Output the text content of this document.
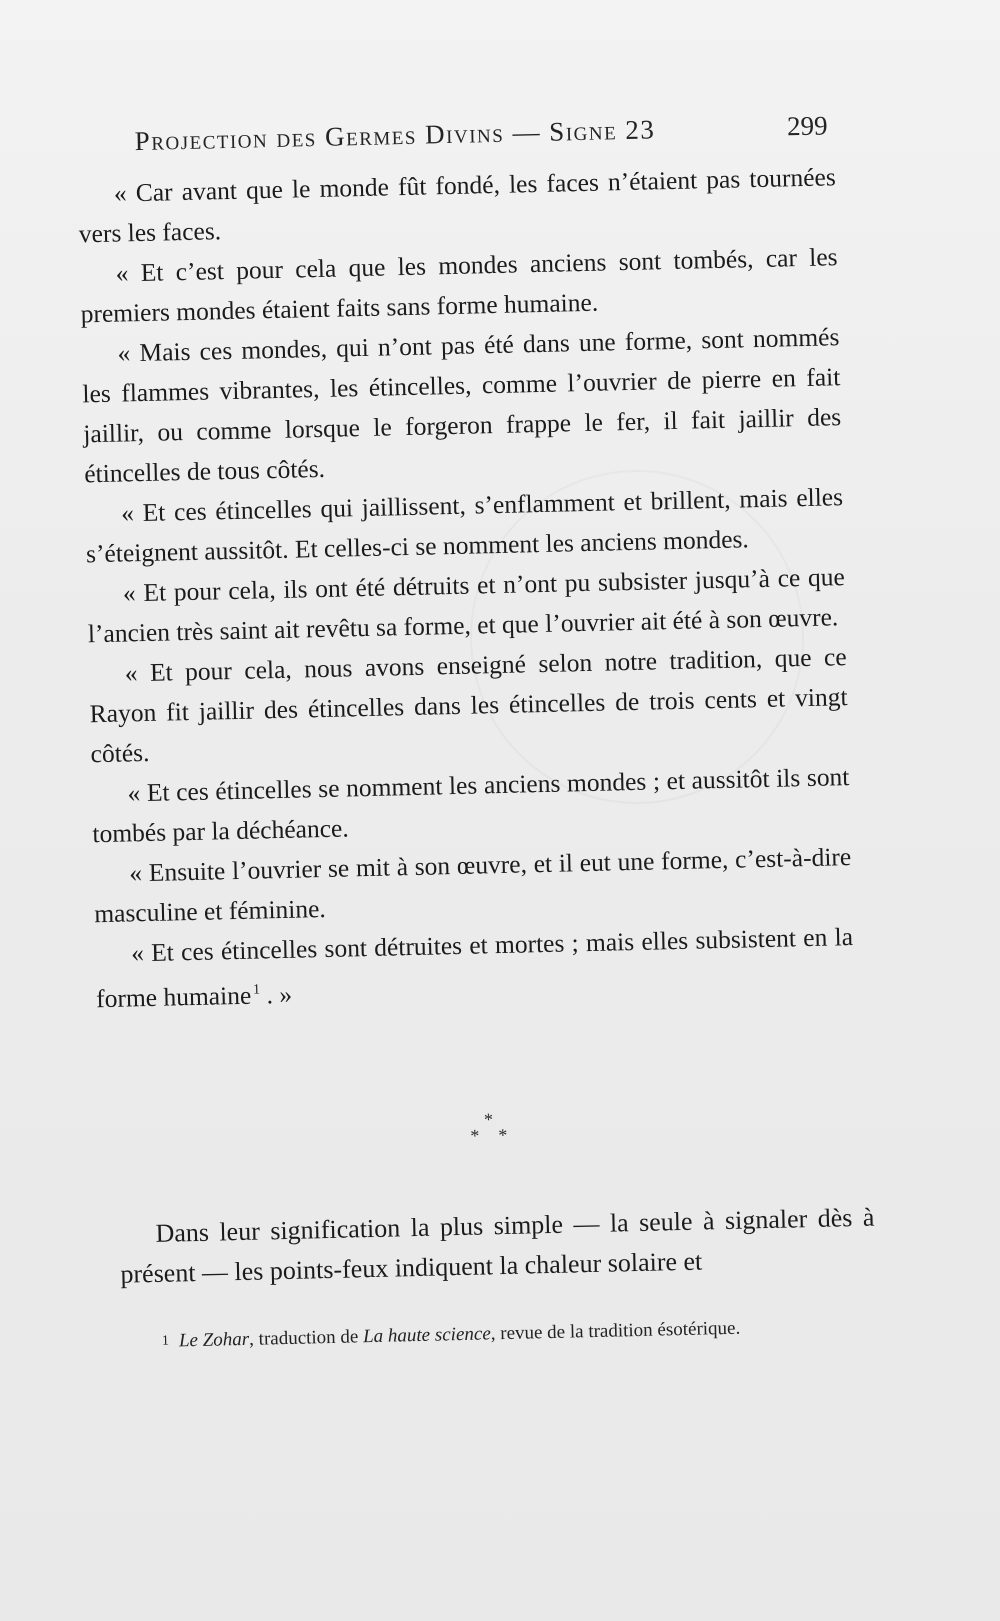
Projection des Germes Divins — Signe 23	299

« Car avant que le monde fût fondé, les faces n’étaient pas tournées vers les faces.

« Et c’est pour cela que les mondes anciens sont tombés, car les premiers mondes étaient faits sans forme humaine.

« Mais ces mondes, qui n’ont pas été dans une forme, sont nommés les flammes vibrantes, les étincelles, comme l’ouvrier de pierre en fait jaillir, ou comme lorsque le forgeron frappe le fer, il fait jaillir des étincelles de tous côtés.

« Et ces étincelles qui jaillissent, s’enflamment et brillent, mais elles s’éteignent aussitôt. Et celles-ci se nomment les anciens mondes.

« Et pour cela, ils ont été détruits et n’ont pu subsister jusqu’à ce que l’ancien très saint ait revêtu sa forme, et que l’ouvrier ait été à son œuvre.

« Et pour cela, nous avons enseigné selon notre tradition, que ce Rayon fit jaillir des étincelles dans les étincelles de trois cents et vingt côtés.

« Et ces étincelles se nomment les anciens mondes ; et aussitôt ils sont tombés par la déchéance.

« Ensuite l’ouvrier se mit à son œuvre, et il eut une forme, c’est-à-dire masculine et féminine.

« Et ces étincelles sont détruites et mortes ; mais elles subsistent en la forme humaine$^1$ . »

*
* *

Dans leur signification la plus simple — la seule à signaler dès à présent — les points-feux indiquent la chaleur solaire et

1 Le Zohar, traduction de La haute science, revue de la tradition ésotérique.
